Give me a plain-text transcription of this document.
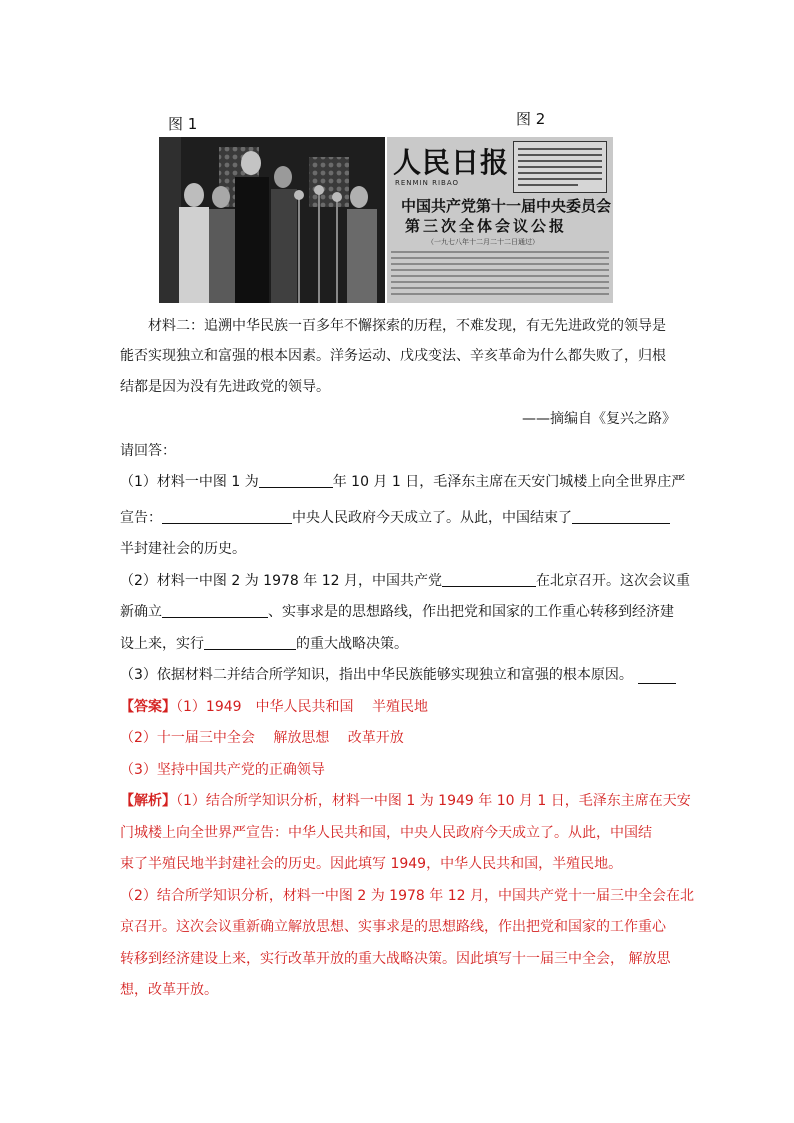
图 1	图 2
人民日报
RENMIN RIBAO
中国共产党第十一届中央委员会
第三次全体会议公报
（一九七八年十二月二十二日通过）
材料二：追溯中华民族一百多年不懈探索的历程，不难发现，有无先进政党的领导是
能否实现独立和富强的根本因素。洋务运动、戊戌变法、辛亥革命为什么都失败了，归根
结都是因为没有先进政党的领导。
——摘编自《复兴之路》
请回答：
（1）材料一中图 1 为	年 10 月 1 日，毛泽东主席在天安门城楼上向全世界庄严
宣告：	中央人民政府今天成立了。从此，中国结束了
半封建社会的历史。
（2）材料一中图 2 为 1978 年 12 月，中国共产党	在北京召开。这次会议重
新确立	、实事求是的思想路线，作出把党和国家的工作重心转移到经济建
设上来，实行	的重大战略决策。
（3）依据材料二并结合所学知识，指出中华民族能够实现独立和富强的根本原因。
【答案】（1）1949　中华人民共和国　 半殖民地
（2）十一届三中全会　 解放思想　 改革开放
（3）坚持中国共产党的正确领导
【解析】（1）结合所学知识分析，材料一中图 1 为 1949 年 10 月 1 日，毛泽东主席在天安
门城楼上向全世界严宣告：中华人民共和国，中央人民政府今天成立了。从此，中国结
束了半殖民地半封建社会的历史。因此填写 1949，中华人民共和国，半殖民地。
（2）结合所学知识分析，材料一中图 2 为 1978 年 12 月，中国共产党十一届三中全会在北
京召开。这次会议重新确立解放思想、实事求是的思想路线，作出把党和国家的工作重心
转移到经济建设上来，实行改革开放的重大战略决策。因此填写十一届三中全会， 解放思
想，改革开放。
